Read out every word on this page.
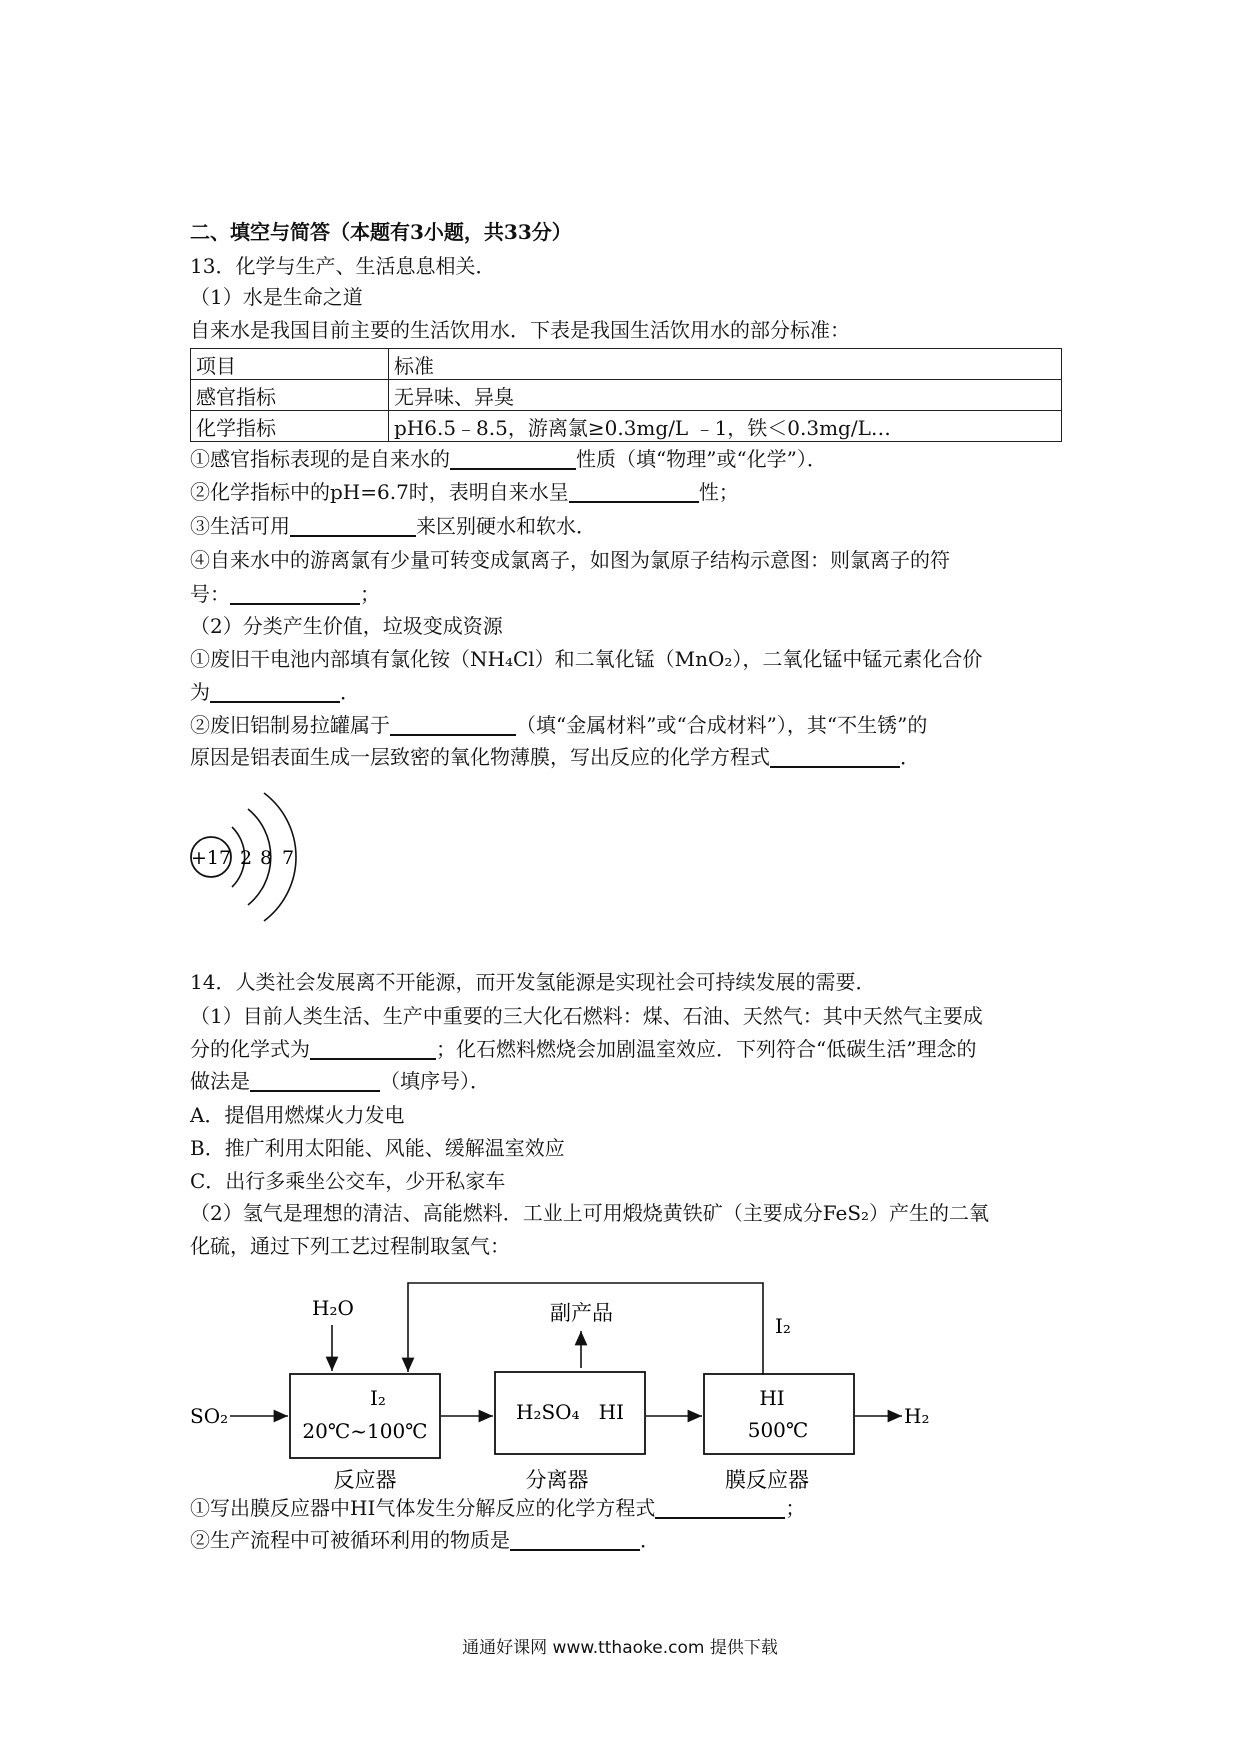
二、填空与简答（本题有3小题，共33分）
13．化学与生产、生活息息相关．
（1）水是生命之道
自来水是我国目前主要的生活饮用水．下表是我国生活饮用水的部分标准：
项目	标准
感官指标	无异味、异臭
化学指标	pH6.5﹣8.5，游离氯≥0.3mg/L ﹣1，铁＜0.3mg/L…
①感官指标表现的是自来水的	性质（填“物理”或“化学”）．
②化学指标中的pH=6.7时，表明自来水呈	性；
③生活可用	来区别硬水和软水．
④自来水中的游离氯有少量可转变成氯离子，如图为氯原子结构示意图：则氯离子的符
号：	；
（2）分类产生价值，垃圾变成资源
①废旧干电池内部填有氯化铵（NH₄Cl）和二氧化锰（MnO₂），二氧化锰中锰元素化合价
为	．
②废旧铝制易拉罐属于	（填“金属材料”或“合成材料”），其“不生锈”的
原因是铝表面生成一层致密的氧化物薄膜，写出反应的化学方程式	．
+17 2 8 7
14．人类社会发展离不开能源，而开发氢能源是实现社会可持续发展的需要．
（1）目前人类生活、生产中重要的三大化石燃料：煤、石油、天然气：其中天然气主要成
分的化学式为	；化石燃料燃烧会加剧温室效应．下列符合“低碳生活”理念的
做法是	（填序号）．
A．提倡用燃煤火力发电
B．推广利用太阳能、风能、缓解温室效应
C．出行多乘坐公交车，少开私家车
（2）氢气是理想的清洁、高能燃料．工业上可用煅烧黄铁矿（主要成分FeS₂）产生的二氧
化硫，通过下列工艺过程制取氢气：
I₂
H₂O	副产品
SO₂
I₂
20℃~100℃
反应器
H₂SO₄   HI
分离器
HI
500℃
膜反应器
H₂
①写出膜反应器中HI气体发生分解反应的化学方程式	；
②生产流程中可被循环利用的物质是	．
通通好课网 www.tthaoke.com 提供下载
